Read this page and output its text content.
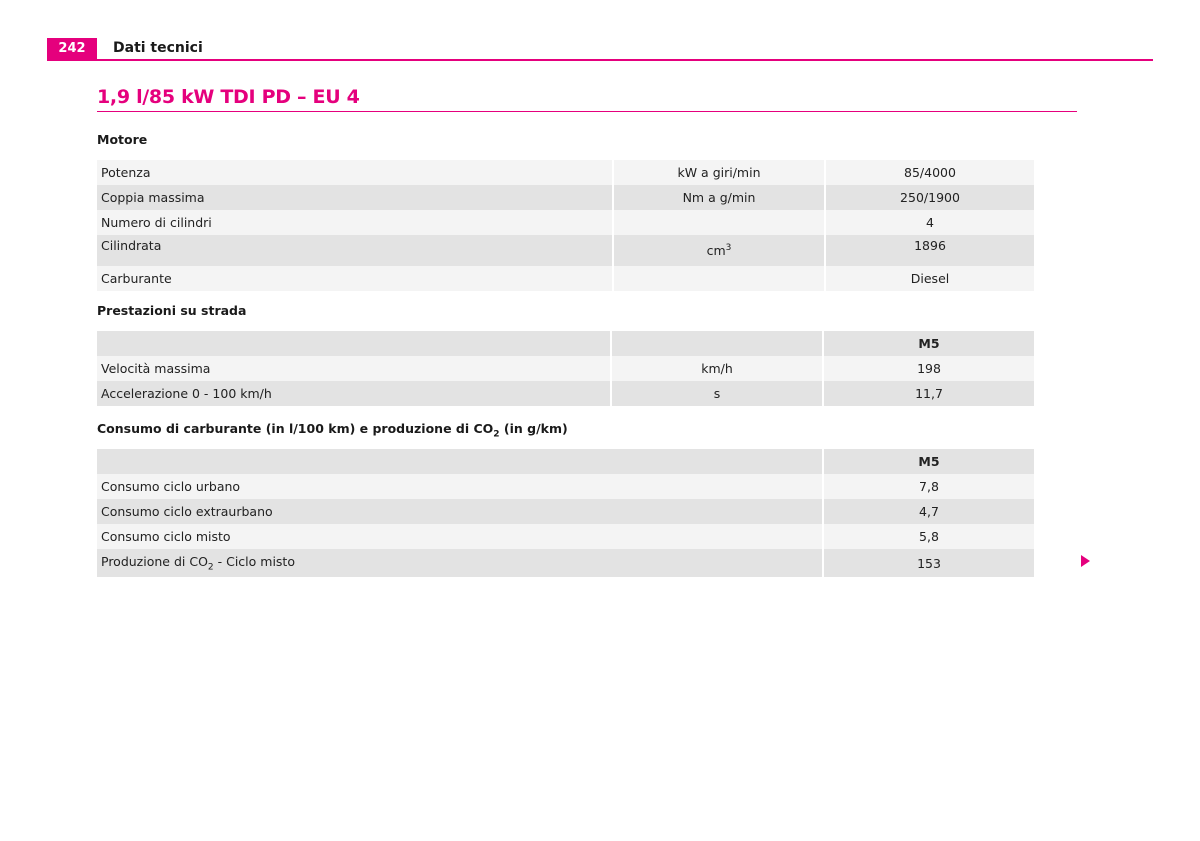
242	Dati tecnici
1,9 l/85 kW TDI PD – EU 4
Motore
Potenza	kW a giri/min	85/4000
Coppia massima	Nm a g/min	250/1900
Numero di cilindri		4
Cilindrata	$cm^3$	1896
Carburante		Diesel
Prestazioni su strada
		M5
Velocità massima	km/h	198
Accelerazione 0 - 100 km/h	s	11,7
Consumo di carburante (in l/100 km) e produzione di $CO_2$ (in g/km)
	M5
Consumo ciclo urbano	7,8
Consumo ciclo extraurbano	4,7
Consumo ciclo misto	5,8
Produzione di $CO_2$ - Ciclo misto	153
